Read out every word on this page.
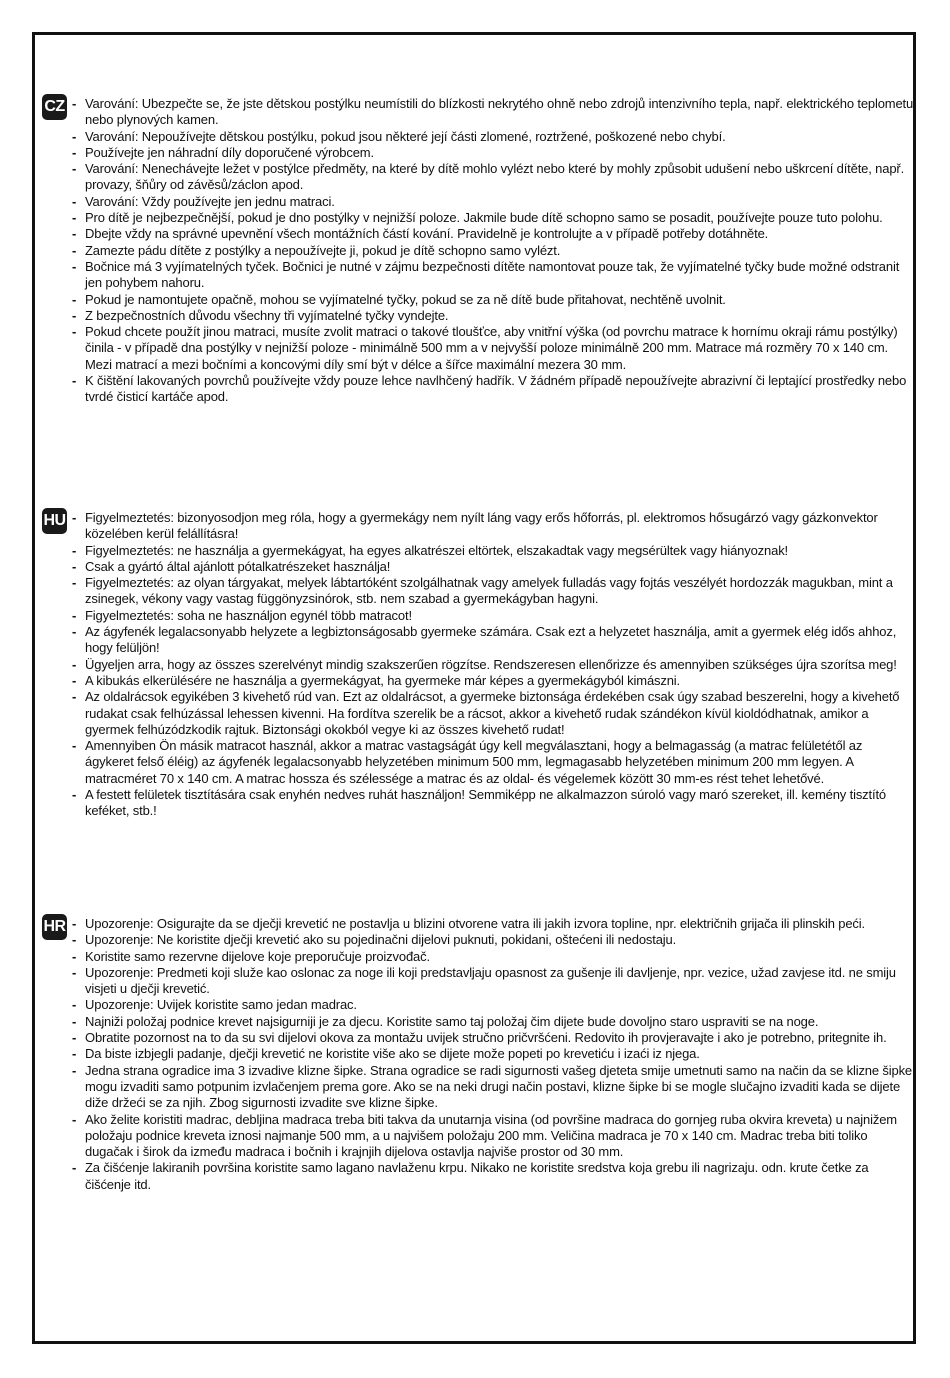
CZ	- Varování: Ubezpečte se, že jste dětskou postýlku neumístili do blízkosti nekrytého ohně nebo zdrojů intenzivního tepla, např. elektrického teplometu nebo plynových kamen.
- Varování: Nepoužívejte dětskou postýlku, pokud jsou některé její části zlomené, roztržené, poškozené nebo chybí.
- Používejte jen náhradní díly doporučené výrobcem.
- Varování: Nenechávejte ležet v postýlce předměty, na které by dítě mohlo vylézt nebo které by mohly způsobit udušení nebo uškrcení dítěte, např. provazy, šňůry od závěsů/záclon apod.
- Varování: Vždy používejte jen jednu matraci.
- Pro dítě je nejbezpečnější, pokud je dno postýlky v nejnižší poloze. Jakmile bude dítě schopno samo se posadit, používejte pouze tuto polohu.
- Dbejte vždy na správné upevnění všech montážních částí kování. Pravidelně je kontrolujte a v případě potřeby dotáhněte.
- Zamezte pádu dítěte z postýlky a nepoužívejte ji, pokud je dítě schopno samo vylézt.
- Bočnice má 3 vyjímatelných tyček. Bočnici je nutné v zájmu bezpečnosti dítěte namontovat pouze tak, že vyjímatelné tyčky bude možné odstranit jen pohybem nahoru.
- Pokud je namontujete opačně, mohou se vyjímatelné tyčky, pokud se za ně dítě bude přitahovat, nechtěně uvolnit.
- Z bezpečnostních důvodu všechny tři vyjímatelné tyčky vyndejte.
- Pokud chcete použít jinou matraci, musíte zvolit matraci o takové tloušťce, aby vnitřní výška (od povrchu matrace k hornímu okraji rámu postýlky) činila - v případě dna postýlky v nejnižší poloze - minimálně 500 mm a v nejvyšší poloze minimálně 200 mm. Matrace má rozměry 70 x 140 cm. Mezi matrací a mezi bočními a koncovými díly smí být v délce a šířce maximální mezera 30 mm.
- K čištění lakovaných povrchů používejte vždy pouze lehce navlhčený hadřík. V žádném případě nepoužívejte abrazivní či leptající prostředky nebo tvrdé čisticí kartáče apod.
HU	- Figyelmeztetés: bizonyosodjon meg róla, hogy a gyermekágy nem nyílt láng vagy erős hőforrás, pl. elektromos hősugárzó vagy gázkonvektor közelében kerül felállításra!
- Figyelmeztetés: ne használja a gyermekágyat, ha egyes alkatrészei eltörtek, elszakadtak vagy megsérültek vagy hiányoznak!
- Csak a gyártó által ajánlott pótalkatrészeket használja!
- Figyelmeztetés: az olyan tárgyakat, melyek lábtartóként szolgálhatnak vagy amelyek fulladás vagy fojtás veszélyét hordozzák magukban, mint a zsinegek, vékony vagy vastag függönyzsinórok, stb. nem szabad a gyermekágyban hagyni.
- Figyelmeztetés: soha ne használjon egynél több matracot!
- Az ágyfenék legalacsonyabb helyzete a legbiztonságosabb gyermeke számára. Csak ezt a helyzetet használja, amit a gyermek elég idős ahhoz, hogy felüljön!
- Ügyeljen arra, hogy az összes szerelvényt mindig szakszerűen rögzítse. Rendszeresen ellenőrizze és amennyiben szükséges újra szorítsa meg!
- A kibukás elkerülésére ne használja a gyermekágyat, ha gyermeke már képes a gyermekágyból kimászni.
- Az oldalrácsok egyikében 3 kivehető rúd van. Ezt az oldalrácsot, a gyermeke biztonsága érdekében csak úgy szabad beszerelni, hogy a kivehető rudakat csak felhúzással lehessen kivenni. Ha fordítva szerelik be a rácsot, akkor a kivehető rudak szándékon kívül kioldódhatnak, amikor a gyermek felhúzódzkodik rajtuk. Biztonsági okokból vegye ki az összes kivehető rudat!
- Amennyiben Ön másik matracot használ, akkor a matrac vastagságát úgy kell megválasztani, hogy a belmagasság (a matrac felületétől az ágykeret felső éléig) az ágyfenék legalacsonyabb helyzetében minimum 500 mm, legmagasabb helyzetében minimum 200 mm legyen. A matracméret 70 x 140 cm. A matrac hossza és szélessége a matrac és az oldal- és végelemek között 30 mm-es rést tehet lehetővé.
- A festett felületek tisztítására csak enyhén nedves ruhát használjon! Semmiképp ne alkalmazzon súroló vagy maró szereket, ill. kemény tisztító keféket, stb.!
HR	- Upozorenje: Osigurajte da se dječji krevetić ne postavlja u blizini otvorene vatra ili jakih izvora topline, npr. električnih grijača ili plinskih peći.
- Upozorenje: Ne koristite dječji krevetić ako su pojedinačni dijelovi puknuti, pokidani, oštećeni ili nedostaju.
- Koristite samo rezervne dijelove koje preporučuje proizvođač.
- Upozorenje: Predmeti koji služe kao oslonac za noge ili koji predstavljaju opasnost za gušenje ili davljenje, npr. vezice, užad zavjese itd. ne smiju visjeti u dječji krevetić.
- Upozorenje: Uvijek koristite samo jedan madrac.
- Najniži položaj podnice krevet najsigurniji je za djecu. Koristite samo taj položaj čim dijete bude dovoljno staro uspraviti se na noge.
- Obratite pozornost na to da su svi dijelovi okova za montažu uvijek stručno pričvršćeni. Redovito ih provjeravajte i ako je potrebno, pritegnite ih.
- Da biste izbjegli padanje, dječji krevetić ne koristite više ako se dijete može popeti po krevetiću i izaći iz njega.
- Jedna strana ogradice ima 3 izvadive klizne šipke. Strana ogradice se radi sigurnosti vašeg djeteta smije umetnuti samo na način da se klizne šipke mogu izvaditi samo potpunim izvlačenjem prema gore. Ako se na neki drugi način postavi, klizne šipke bi se mogle slučajno izvaditi kada se dijete diže držeći se za njih. Zbog sigurnosti izvadite sve klizne šipke.
- Ako želite koristiti madrac, debljina madraca treba biti takva da unutarnja visina (od površine madraca do gornjeg ruba okvira kreveta) u najnižem položaju podnice kreveta iznosi najmanje 500 mm, a u najvišem položaju 200 mm. Veličina madraca je 70 x 140 cm. Madrac treba biti toliko dugačak i širok da između madraca i bočnih i krajnjih dijelova ostavlja najviše prostor od 30 mm.
- Za čišćenje lakiranih površina koristite samo lagano navlaženu krpu. Nikako ne koristite sredstva koja grebu ili nagrizaju. odn. krute četke za čišćenje itd.
